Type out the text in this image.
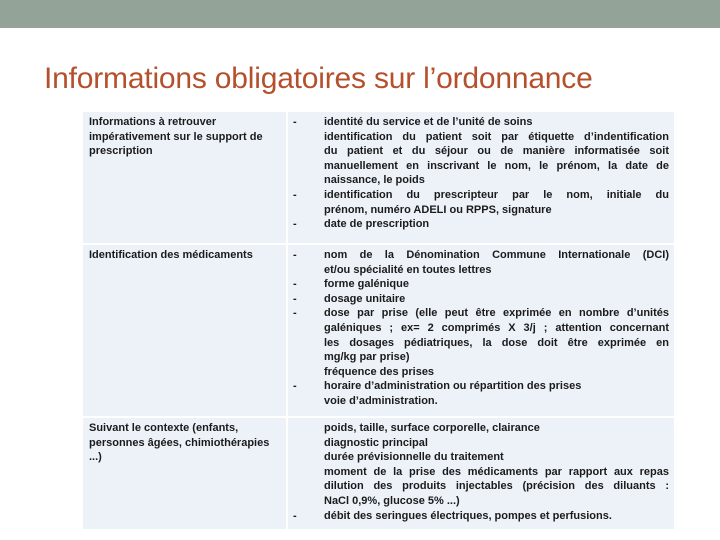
Informations obligatoires sur l’ordonnance
Informations à retrouver impérativement sur le support de prescription
- identité du service et de l’unité de soins
identification du patient soit par étiquette d’indentification
du patient et du séjour ou de manière informatisée soit
manuellement en inscrivant le nom, le prénom, la date de
naissance, le poids
- identification du prescripteur par le nom, initiale du
prénom, numéro ADELI ou RPPS, signature
- date de prescription
Identification des médicaments	- nom de la Dénomination Commune Internationale (DCI)
et/ou spécialité en toutes lettres
- forme galénique
- dosage unitaire
- dose par prise (elle peut être exprimée en nombre d’unités
galéniques ; ex= 2 comprimés X 3/j ; attention concernant
les dosages pédiatriques, la dose doit être exprimée en
mg/kg par prise)
fréquence des prises
- horaire d’administration ou répartition des prises
voie d’administration.
Suivant le contexte (enfants, personnes âgées, chimiothérapies ...)
poids, taille, surface corporelle, clairance
diagnostic principal
durée prévisionnelle du traitement
moment de la prise des médicaments par rapport aux repas
dilution des produits injectables (précision des diluants :
NaCl 0,9%, glucose 5% ...)
- débit des seringues électriques, pompes et perfusions.
